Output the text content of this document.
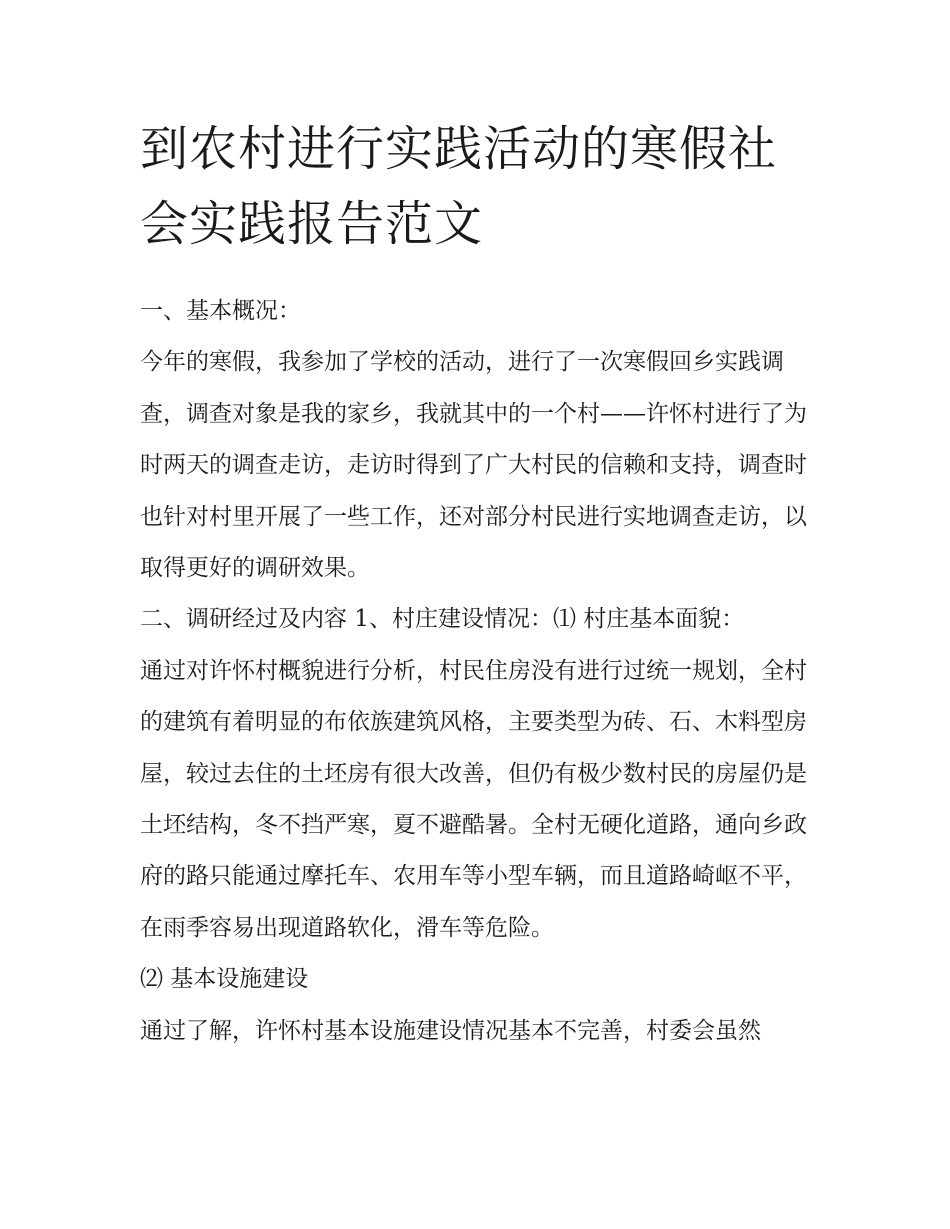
到农村进行实践活动的寒假社会实践报告范文

一、基本概况：

今年的寒假，我参加了学校的活动，进行了一次寒假回乡实践调查，调查对象是我的家乡，我就其中的一个村——许怀村进行了为时两天的调查走访，走访时得到了广大村民的信赖和支持，调查时也针对村里开展了一些工作，还对部分村民进行实地调查走访，以取得更好的调研效果。

二、调研经过及内容 1、村庄建设情况：⑴ 村庄基本面貌：

通过对许怀村概貌进行分析，村民住房没有进行过统一规划，全村的建筑有着明显的布依族建筑风格，主要类型为砖、石、木料型房屋，较过去住的土坯房有很大改善，但仍有极少数村民的房屋仍是土坯结构，冬不挡严寒，夏不避酷暑。全村无硬化道路，通向乡政府的路只能通过摩托车、农用车等小型车辆，而且道路崎岖不平，在雨季容易出现道路软化，滑车等危险。

⑵ 基本设施建设

通过了解，许怀村基本设施建设情况基本不完善，村委会虽然
